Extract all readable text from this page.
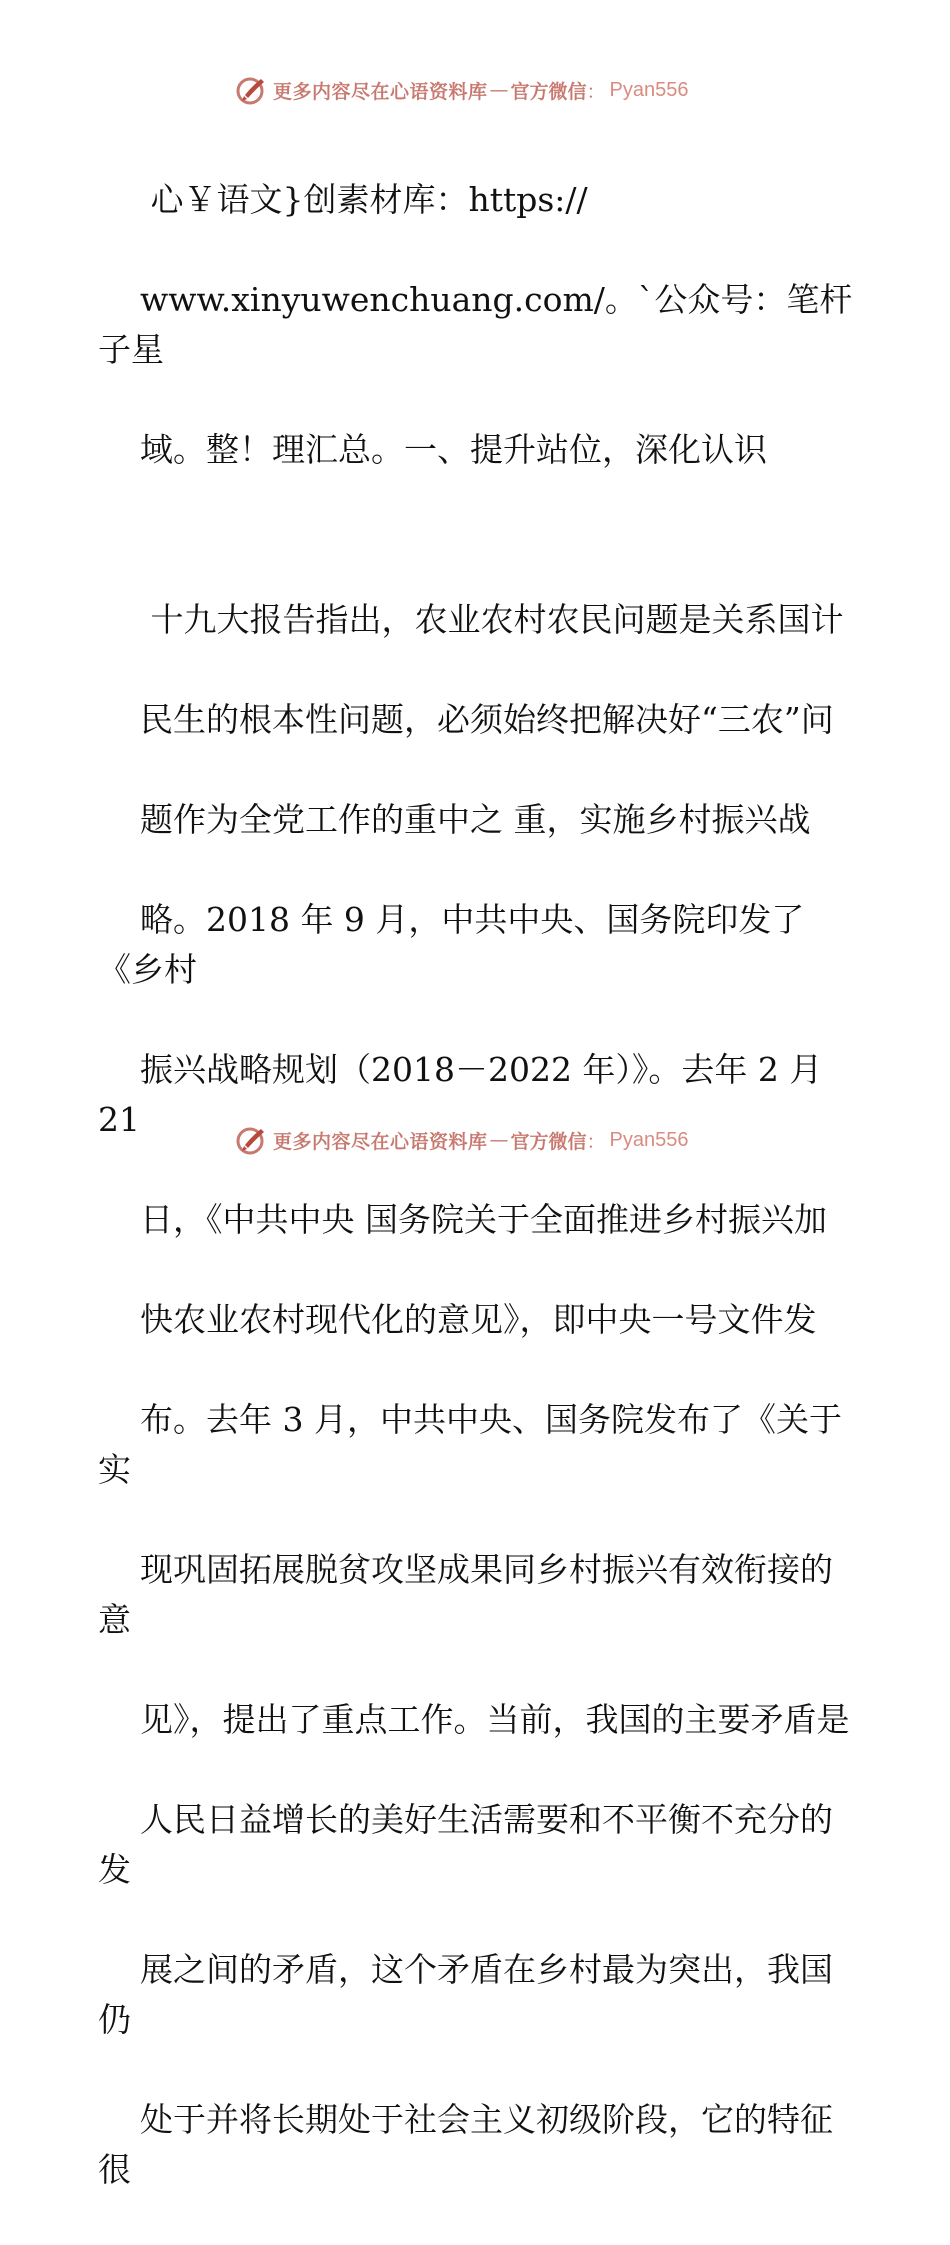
更多内容尽在心语资料库 — 官方微信 ： Pyan556

心￥语文}创素材库：https://

www.xinyuwenchuang.com/。`公众号：笔杆子星

域。整！理汇总。一、提升站位，深化认识

十九大报告指出，农业农村农民问题是关系国计

民生的根本性问题，必须始终把解决好“三农”问

题作为全党工作的重中之 重，实施乡村振兴战

略。2018 年 9 月，中共中央、国务院印发了《乡村

振兴战略规划（2018－2022 年）》。去年 2 月 21

日，《中共中央 国务院关于全面推进乡村振兴加

快农业农村现代化的意见》，即中央一号文件发

布。去年 3 月，中共中央、国务院发布了《关于实

现巩固拓展脱贫攻坚成果同乡村振兴有效衔接的意

见》，提出了重点工作。当前，我国的主要矛盾是

人民日益增长的美好生活需要和不平衡不充分的发

展之间的矛盾，这个矛盾在乡村最为突出，我国仍

处于并将长期处于社会主义初级阶段，它的特征很

更多内容尽在心语资料库 — 官方微信 ： Pyan556
